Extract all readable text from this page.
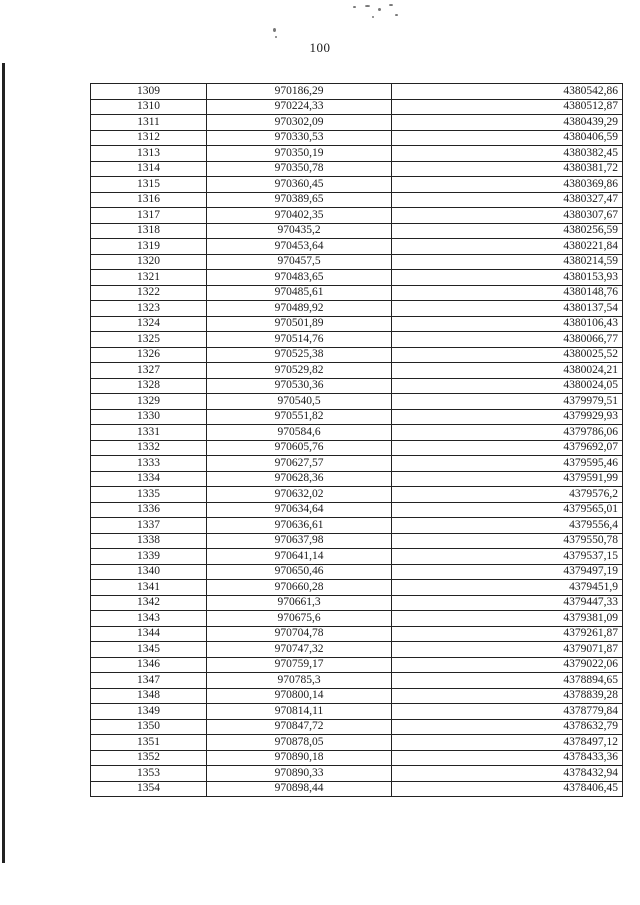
100
1309	970186,29	4380542,86
1310	970224,33	4380512,87
1311	970302,09	4380439,29
1312	970330,53	4380406,59
1313	970350,19	4380382,45
1314	970350,78	4380381,72
1315	970360,45	4380369,86
1316	970389,65	4380327,47
1317	970402,35	4380307,67
1318	970435,2	4380256,59
1319	970453,64	4380221,84
1320	970457,5	4380214,59
1321	970483,65	4380153,93
1322	970485,61	4380148,76
1323	970489,92	4380137,54
1324	970501,89	4380106,43
1325	970514,76	4380066,77
1326	970525,38	4380025,52
1327	970529,82	4380024,21
1328	970530,36	4380024,05
1329	970540,5	4379979,51
1330	970551,82	4379929,93
1331	970584,6	4379786,06
1332	970605,76	4379692,07
1333	970627,57	4379595,46
1334	970628,36	4379591,99
1335	970632,02	4379576,2
1336	970634,64	4379565,01
1337	970636,61	4379556,4
1338	970637,98	4379550,78
1339	970641,14	4379537,15
1340	970650,46	4379497,19
1341	970660,28	4379451,9
1342	970661,3	4379447,33
1343	970675,6	4379381,09
1344	970704,78	4379261,87
1345	970747,32	4379071,87
1346	970759,17	4379022,06
1347	970785,3	4378894,65
1348	970800,14	4378839,28
1349	970814,11	4378779,84
1350	970847,72	4378632,79
1351	970878,05	4378497,12
1352	970890,18	4378433,36
1353	970890,33	4378432,94
1354	970898,44	4378406,45
